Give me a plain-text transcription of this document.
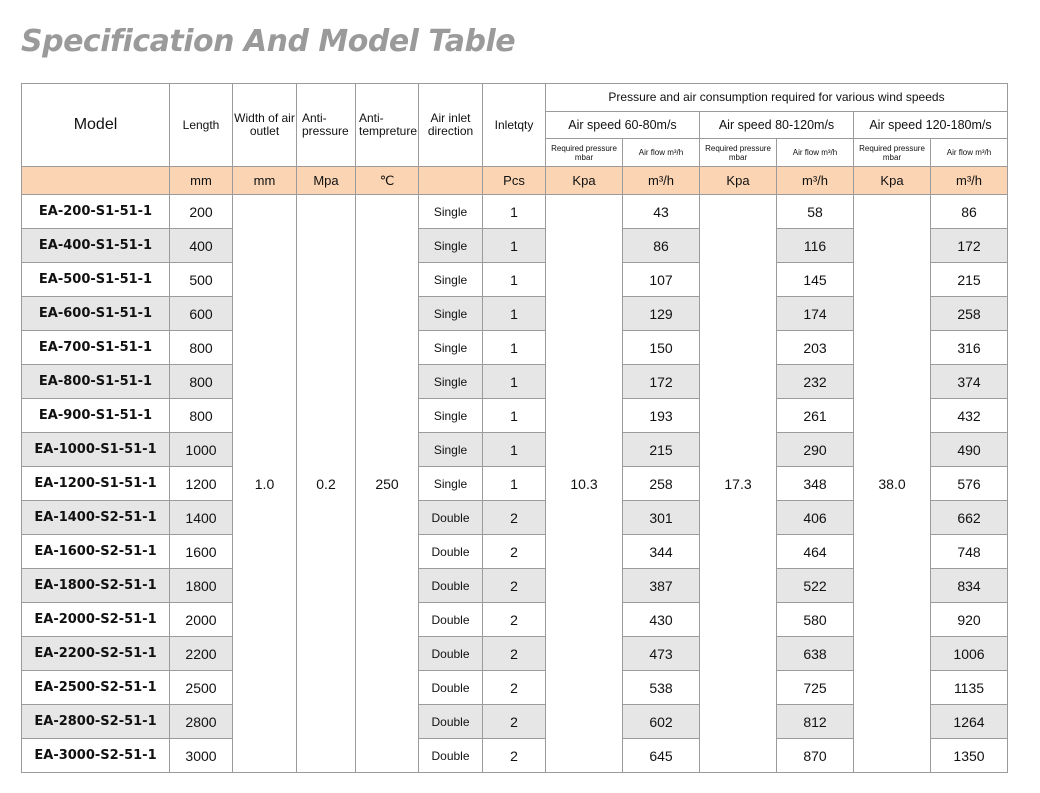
Specification And Model Table
Model	Length	Width of air outlet	Anti-pressure	Anti-tempreture	Air inlet direction	Inletqty	Pressure and air consumption required for various wind speeds					
							Air speed 60-80m/s		Air speed 80-120m/s		Air speed 120-180m/s	
							Required pressure mbar	Air flow m³/h	Required pressure mbar	Air flow m³/h	Required pressure mbar	Air flow m³/h
	mm	mm	Mpa	℃		Pcs	Kpa	m³/h	Kpa	m³/h	Kpa	m³/h
EA-200-S1-51-1	200	1.0	0.2	250	Single	1	10.3	43	17.3	58	38.0	86
EA-400-S1-51-1	400				Single	1		86		116		172
EA-500-S1-51-1	500				Single	1		107		145		215
EA-600-S1-51-1	600				Single	1		129		174		258
EA-700-S1-51-1	800				Single	1		150		203		316
EA-800-S1-51-1	800				Single	1		172		232		374
EA-900-S1-51-1	800				Single	1		193		261		432
EA-1000-S1-51-1	1000				Single	1		215		290		490
EA-1200-S1-51-1	1200				Single	1		258		348		576
EA-1400-S2-51-1	1400				Double	2		301		406		662
EA-1600-S2-51-1	1600				Double	2		344		464		748
EA-1800-S2-51-1	1800				Double	2		387		522		834
EA-2000-S2-51-1	2000				Double	2		430		580		920
EA-2200-S2-51-1	2200				Double	2		473		638		1006
EA-2500-S2-51-1	2500				Double	2		538		725		1135
EA-2800-S2-51-1	2800				Double	2		602		812		1264
EA-3000-S2-51-1	3000				Double	2		645		870		1350
